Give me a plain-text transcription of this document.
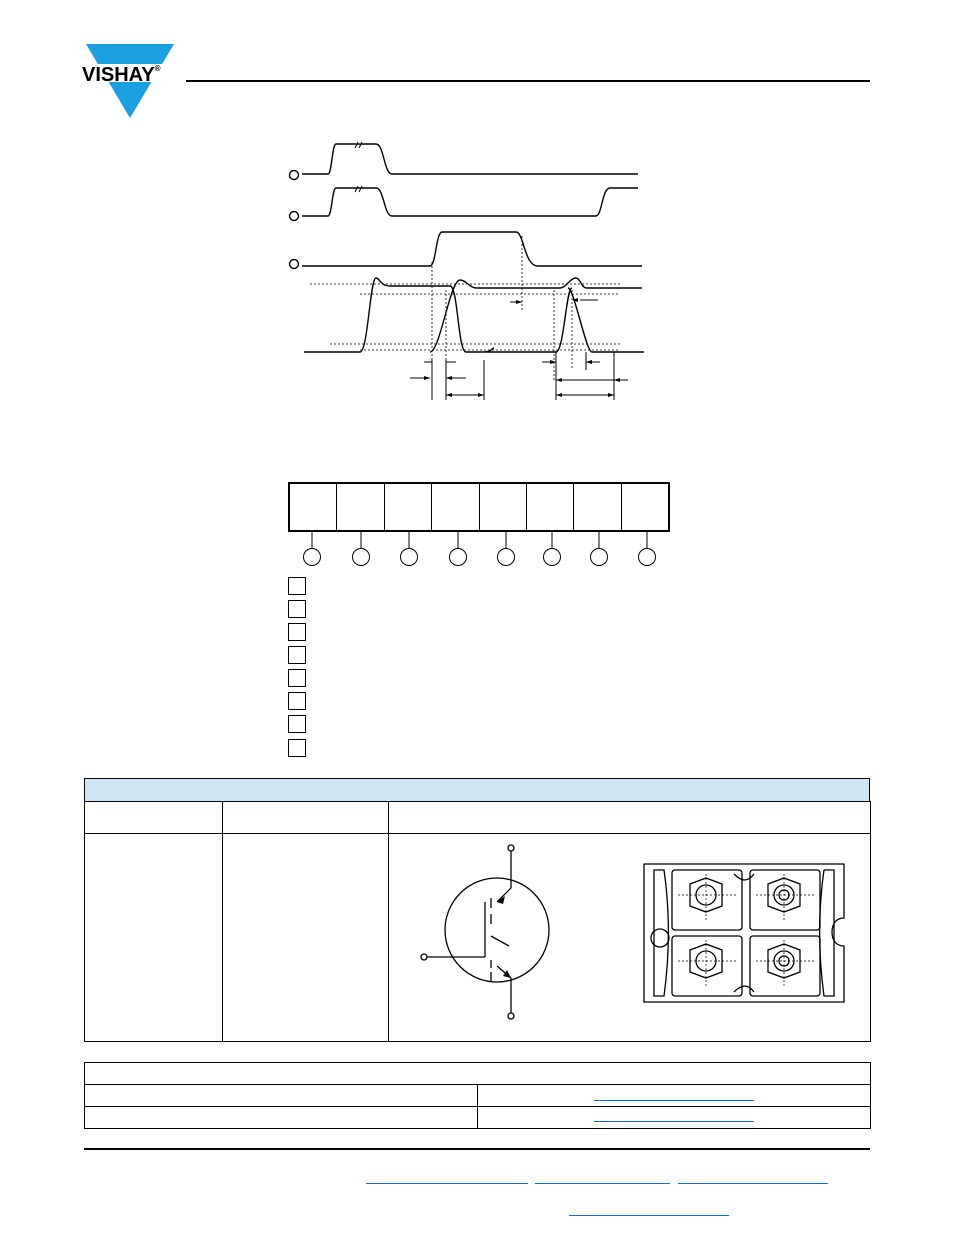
VISHAY®
